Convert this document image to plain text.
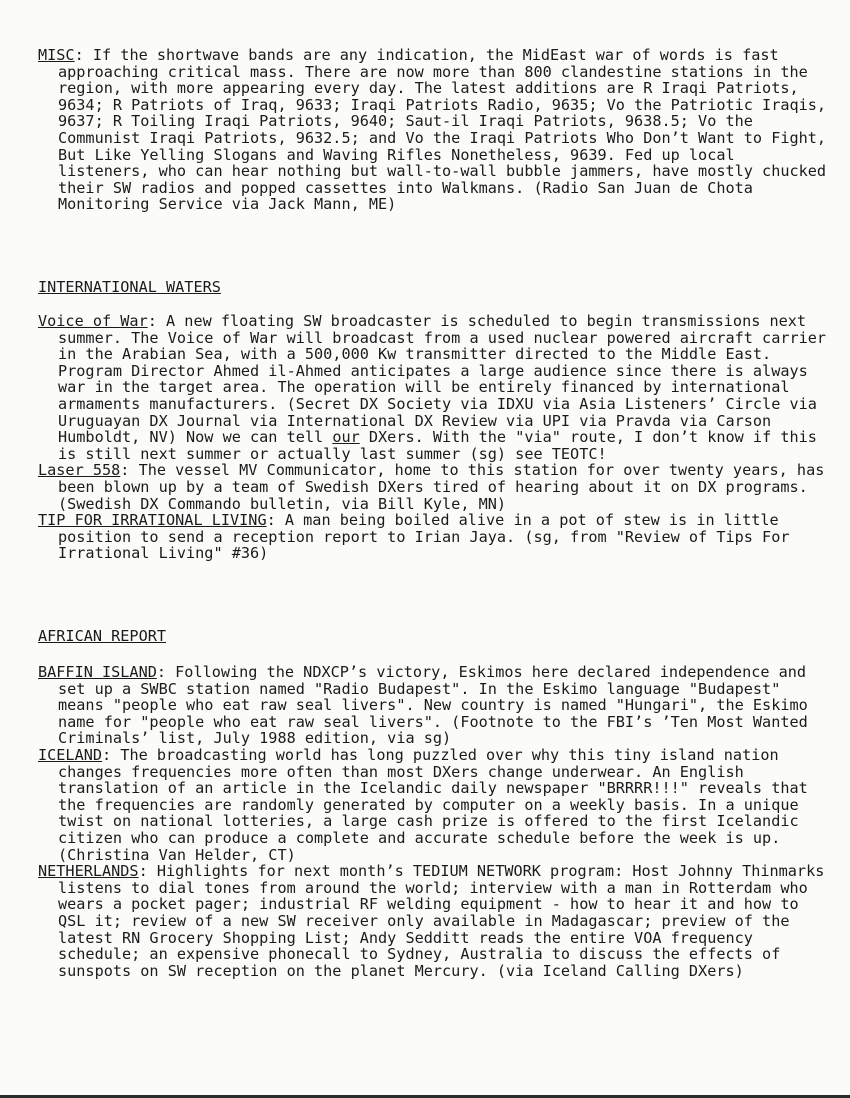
MISC: If the shortwave bands are any indication, the MidEast war of words is fast approaching critical mass. There are now more than 800 clandestine stations in the region, with more appearing every day. The latest additions are R Iraqi Patriots, 9634; R Patriots of Iraq, 9633; Iraqi Patriots Radio, 9635; Vo the Patriotic Iraqis, 9637; R Toiling Iraqi Patriots, 9640; Saut-il Iraqi Patriots, 9638.5; Vo the Communist Iraqi Patriots, 9632.5; and Vo the Iraqi Patriots Who Don’t Want to Fight, But Like Yelling Slogans and Waving Rifles Nonetheless, 9639. Fed up local listeners, who can hear nothing but wall-to-wall bubble jammers, have mostly chucked their SW radios and popped cassettes into Walkmans. (Radio San Juan de Chota Monitoring Service via Jack Mann, ME)

INTERNATIONAL WATERS

Voice of War: A new floating SW broadcaster is scheduled to begin transmissions next summer. The Voice of War will broadcast from a used nuclear powered aircraft carrier in the Arabian Sea, with a 500,000 Kw transmitter directed to the Middle East. Program Director Ahmed il-Ahmed anticipates a large audience since there is always war in the target area. The operation will be entirely financed by international armaments manufacturers. (Secret DX Society via IDXU via Asia Listeners’ Circle via Uruguayan DX Journal via International DX Review via UPI via Pravda via Carson Humboldt, NV) Now we can tell our DXers. With the "via" route, I don’t know if this is still next summer or actually last summer (sg) see TEOTC!

Laser 558: The vessel MV Communicator, home to this station for over twenty years, has been blown up by a team of Swedish DXers tired of hearing about it on DX programs. (Swedish DX Commando bulletin, via Bill Kyle, MN)

TIP FOR IRRATIONAL LIVING: A man being boiled alive in a pot of stew is in little position to send a reception report to Irian Jaya. (sg, from "Review of Tips For Irrational Living" #36)

AFRICAN REPORT

BAFFIN ISLAND: Following the NDXCP’s victory, Eskimos here declared independence and set up a SWBC station named "Radio Budapest". In the Eskimo language "Budapest" means "people who eat raw seal livers". New country is named "Hungari", the Eskimo name for "people who eat raw seal livers". (Footnote to the FBI’s ’Ten Most Wanted Criminals’ list, July 1988 edition, via sg)

ICELAND: The broadcasting world has long puzzled over why this tiny island nation changes frequencies more often than most DXers change underwear. An English translation of an article in the Icelandic daily newspaper "BRRRR!!!" reveals that the frequencies are randomly generated by computer on a weekly basis. In a unique twist on national lotteries, a large cash prize is offered to the first Icelandic citizen who can produce a complete and accurate schedule before the week is up. (Christina Van Helder, CT)

NETHERLANDS: Highlights for next month’s TEDIUM NETWORK program: Host Johnny Thinmarks listens to dial tones from around the world; interview with a man in Rotterdam who wears a pocket pager; industrial RF welding equipment - how to hear it and how to QSL it; review of a new SW receiver only available in Madagascar; preview of the latest RN Grocery Shopping List; Andy Sedditt reads the entire VOA frequency schedule; an expensive phonecall to Sydney, Australia to discuss the effects of sunspots on SW reception on the planet Mercury. (via Iceland Calling DXers)
